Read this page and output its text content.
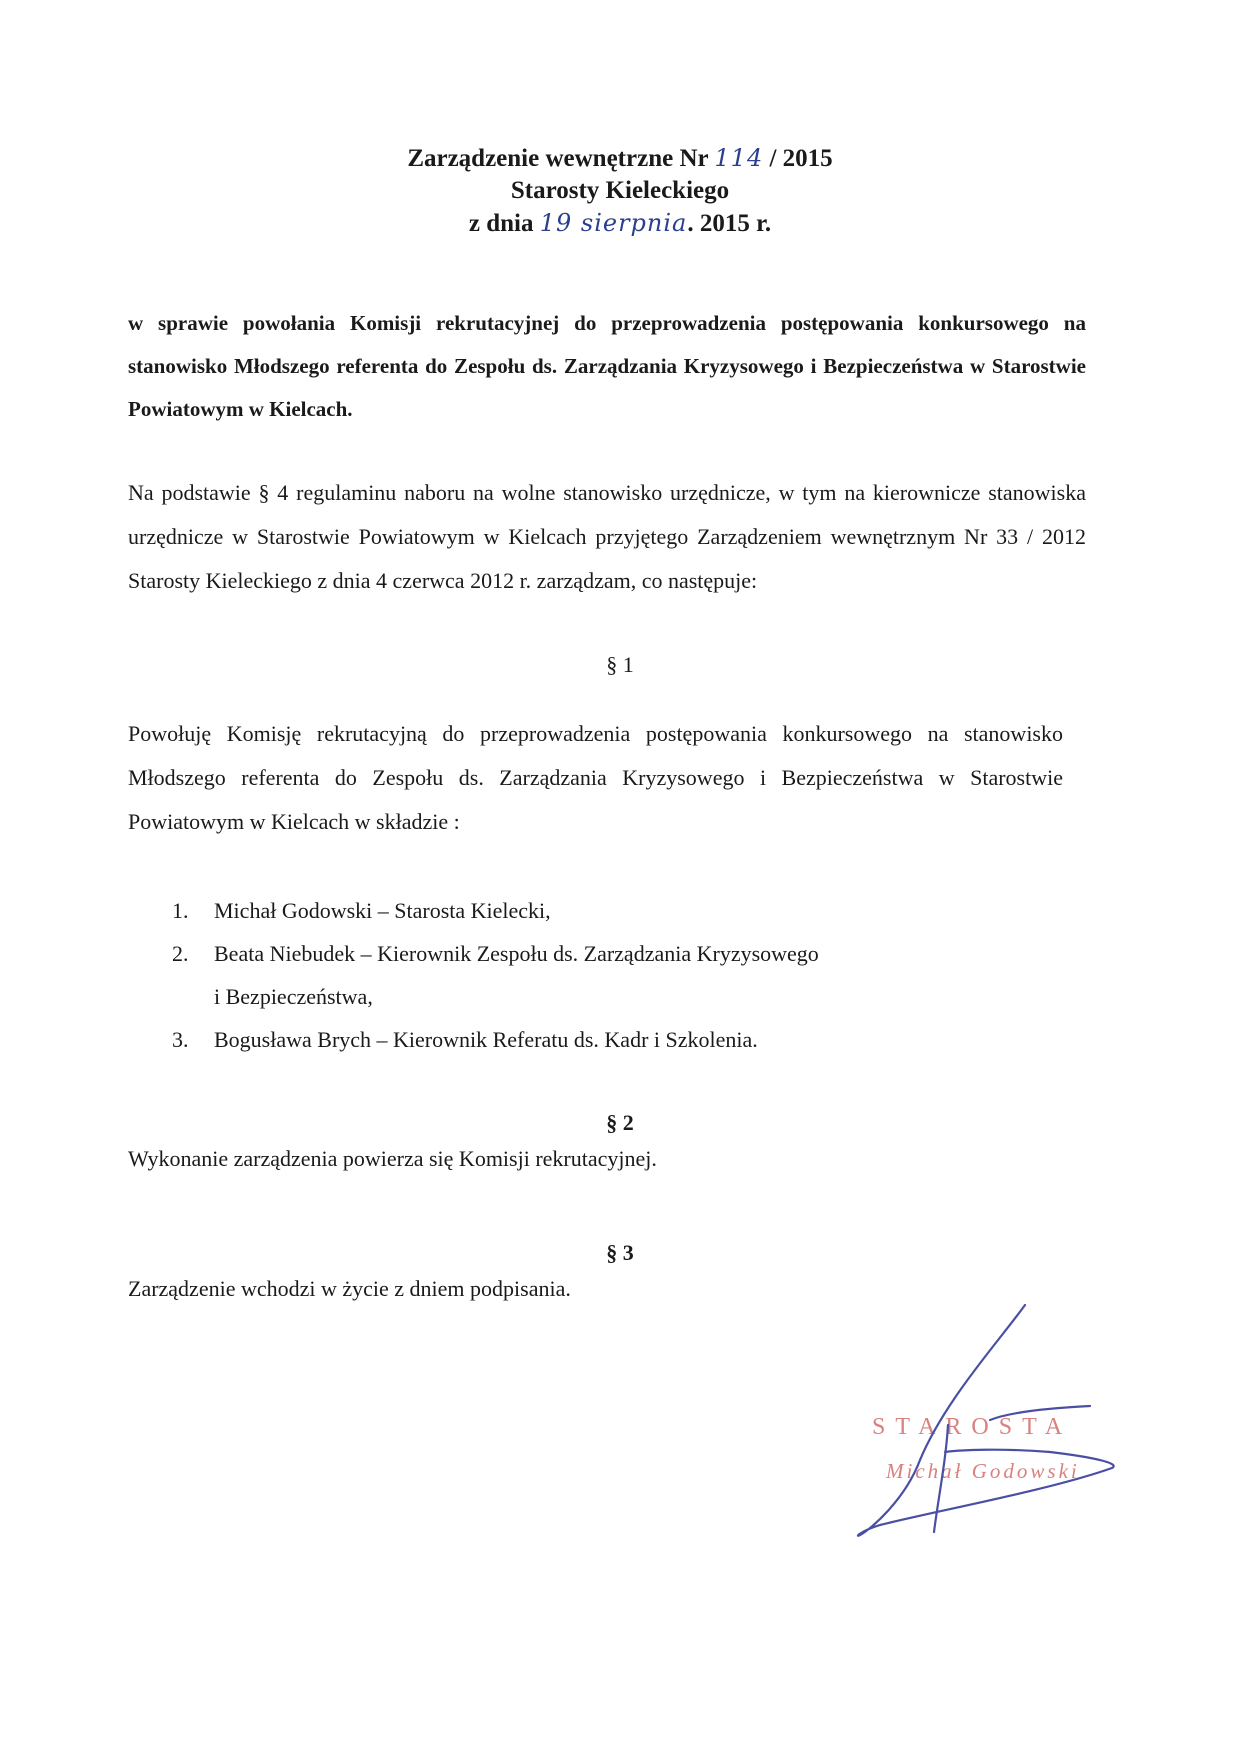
Zarządzenie wewnętrzne Nr 114 / 2015
Starosty Kieleckiego
z dnia 19 sierpnia. 2015 r.
w sprawie powołania Komisji rekrutacyjnej do przeprowadzenia postępowania konkursowego na stanowisko Młodszego referenta do Zespołu ds. Zarządzania Kryzysowego i Bezpieczeństwa w Starostwie Powiatowym w Kielcach.
Na podstawie § 4 regulaminu naboru na wolne stanowisko urzędnicze, w tym na kierownicze stanowiska urzędnicze w Starostwie Powiatowym w Kielcach przyjętego Zarządzeniem wewnętrznym Nr 33 / 2012 Starosty Kieleckiego z dnia 4 czerwca 2012 r. zarządzam, co następuje:
§ 1
Powołuję Komisję rekrutacyjną do przeprowadzenia postępowania konkursowego na stanowisko Młodszego referenta do Zespołu ds. Zarządzania Kryzysowego i Bezpieczeństwa w Starostwie Powiatowym w Kielcach w składzie :
1. Michał Godowski – Starosta Kielecki,
2. Beata Niebudek – Kierownik Zespołu ds. Zarządzania Kryzysowego
i Bezpieczeństwa,
3. Bogusława Brych – Kierownik Referatu ds. Kadr i Szkolenia.
§ 2
Wykonanie zarządzenia powierza się Komisji rekrutacyjnej.
§ 3
Zarządzenie wchodzi w życie z dniem podpisania.
STAROSTA
Michał Godowski
